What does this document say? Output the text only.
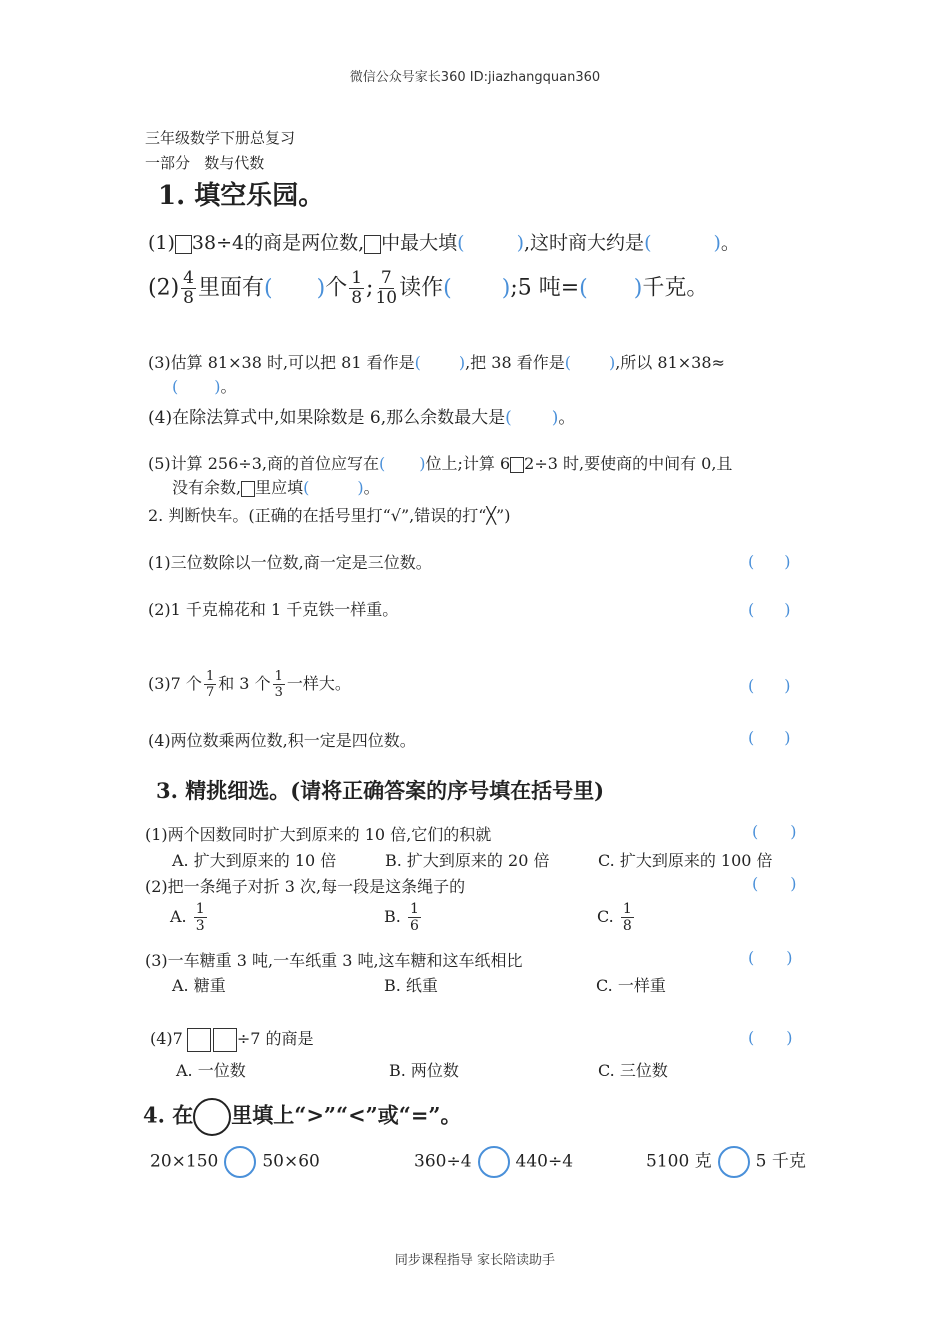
微信公众号家长360 ID:jiazhangquan360
三年级数学下册总复习
一部分   数与代数
1. 填空乐园。
(1) 38÷4的商是两位数, 中最大填(	),这时商大约是(	)。
$(2) \frac{4}{8}$ 里面有( )个 $\frac{1}{8}$ ; $\frac{7}{10}$ 读作( );5 吨=( )千克。
(3)估算 81×38 时,可以把 81 看作是( ),把 38 看作是( ),所以 81×38≈
( )。
(4)在除法算式中,如果除数是 6,那么余数最大是( )。
(5)计算 256÷3,商的首位应写在( )位上;计算 6 2÷3 时,要使商的中间有 0,且
没有余数, 里应填(	)。
2. 判断快车。(正确的在括号里打“√”,错误的打“╳”)
(1)三位数除以一位数,商一定是三位数。	( )
(2)1 千克棉花和 1 千克铁一样重。	( )
(3)7 个 $\frac{1}{7}$ 和 3 个 $\frac{1}{3}$ 一样大。	( )
(4)两位数乘两位数,积一定是四位数。	( )
3. 精挑细选。(请将正确答案的序号填在括号里)
(1)两个因数同时扩大到原来的 10 倍,它们的积就	( )
A. 扩大到原来的 10 倍	B. 扩大到原来的 20 倍	C. 扩大到原来的 100 倍
(2)把一条绳子对折 3 次,每一段是这条绳子的	( )
A. $\frac{1}{3}$	B. $\frac{1}{6}$	C. $\frac{1}{8}$
(3)一车糖重 3 吨,一车纸重 3 吨,这车糖和这车纸相比	( )
A. 糖重	B. 纸重	C. 一样重
(4)7	÷7 的商是	( )
A. 一位数	B. 两位数	C. 三位数
4. 在 里填上“>”“<”或“=”。
20×150	50×60	360÷4	440÷4	5100 克	5 千克
同步课程指导 家长陪读助手
